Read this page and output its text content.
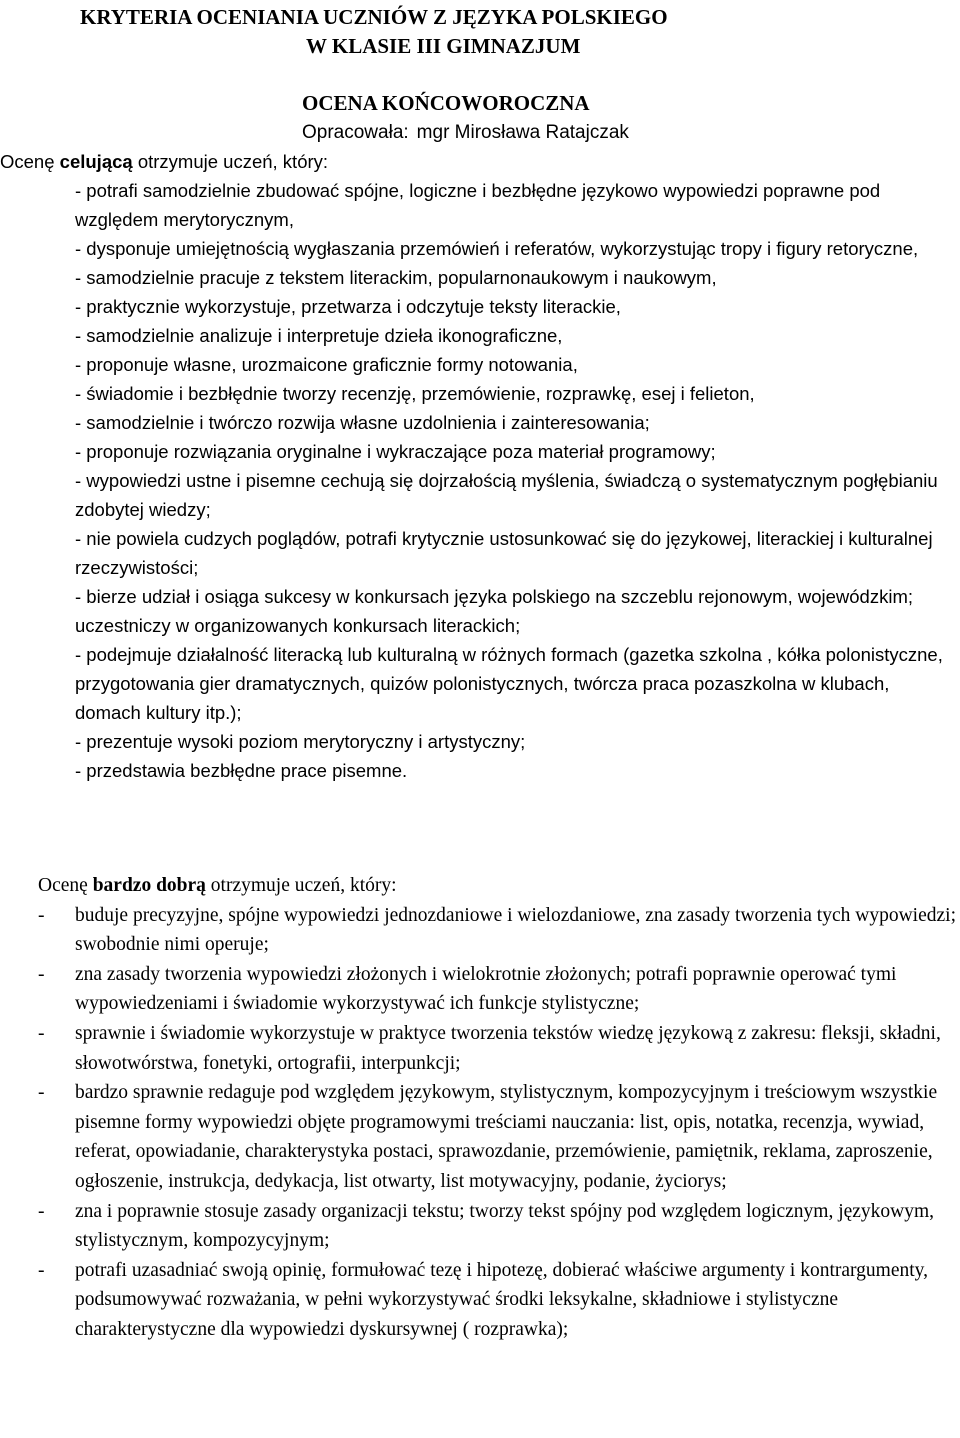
KRYTERIA OCENIANIA UCZNIÓW Z JĘZYKA POLSKIEGO
W KLASIE III GIMNAZJUM
OCENA KOŃCOWOROCZNA
Opracowała: mgr Mirosława Ratajczak

Ocenę celującą otrzymuje uczeń, który:

- potrafi samodzielnie zbudować spójne, logiczne i bezbłędne językowo wypowiedzi poprawne pod względem merytorycznym,
- dysponuje umiejętnością wygłaszania przemówień i referatów, wykorzystując tropy i figury retoryczne,
- samodzielnie pracuje z tekstem literackim, popularnonaukowym i naukowym,
- praktycznie wykorzystuje, przetwarza i odczytuje teksty literackie,
- samodzielnie analizuje i interpretuje dzieła ikonograficzne,
- proponuje własne, urozmaicone graficznie formy notowania,
- świadomie i bezbłędnie tworzy recenzję, przemówienie, rozprawkę, esej i felieton,
- samodzielnie i twórczo rozwija własne uzdolnienia i zainteresowania;
- proponuje rozwiązania oryginalne i wykraczające poza materiał programowy;
- wypowiedzi ustne i pisemne cechują się dojrzałością myślenia, świadczą o systematycznym pogłębianiu zdobytej wiedzy;
- nie powiela cudzych poglądów, potrafi krytycznie ustosunkować się do językowej, literackiej i kulturalnej rzeczywistości;
- bierze udział i osiąga sukcesy w konkursach języka polskiego na szczeblu rejonowym, wojewódzkim; uczestniczy w organizowanych konkursach literackich;
- podejmuje działalność literacką lub kulturalną w różnych formach (gazetka szkolna , kółka polonistyczne, przygotowania gier dramatycznych, quizów polonistycznych, twórcza praca pozaszkolna w klubach, domach kultury itp.);
- prezentuje wysoki poziom merytoryczny i artystyczny;
- przedstawia bezbłędne prace pisemne.

Ocenę bardzo dobrą otrzymuje uczeń, który:

- buduje precyzyjne, spójne wypowiedzi jednozdaniowe i wielozdaniowe, zna zasady tworzenia tych wypowiedzi; swobodnie nimi operuje;
- zna zasady tworzenia wypowiedzi złożonych i wielokrotnie złożonych; potrafi poprawnie operować tymi wypowiedzeniami i świadomie wykorzystywać ich funkcje stylistyczne;
- sprawnie i świadomie wykorzystuje w praktyce tworzenia tekstów wiedzę językową z zakresu: fleksji, składni, słowotwórstwa, fonetyki, ortografii, interpunkcji;
- bardzo sprawnie redaguje pod względem językowym, stylistycznym, kompozycyjnym i treściowym wszystkie pisemne formy wypowiedzi objęte programowymi treściami nauczania: list, opis, notatka, recenzja, wywiad, referat, opowiadanie, charakterystyka postaci, sprawozdanie, przemówienie, pamiętnik, reklama, zaproszenie, ogłoszenie, instrukcja, dedykacja, list otwarty, list motywacyjny, podanie, życiorys;
- zna i poprawnie stosuje zasady organizacji tekstu; tworzy tekst spójny pod względem logicznym, językowym, stylistycznym, kompozycyjnym;
- potrafi uzasadniać swoją opinię, formułować tezę i hipotezę, dobierać właściwe argumenty i kontrargumenty, podsumowywać rozważania, w pełni wykorzystywać środki leksykalne, składniowe i stylistyczne charakterystyczne dla wypowiedzi dyskursywnej ( rozprawka);
